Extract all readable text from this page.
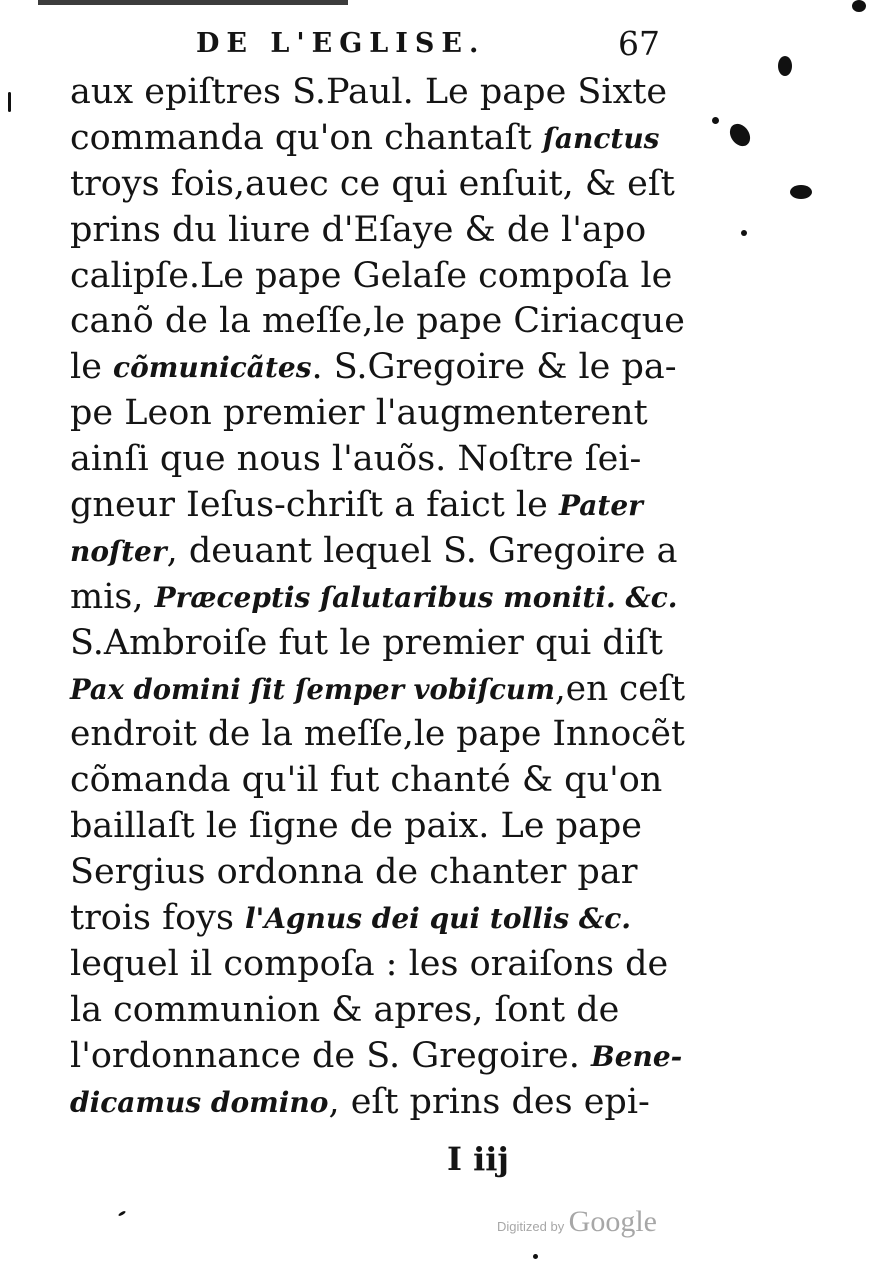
DE L'EGLISE.	67
aux epiſtres S.Paul. Le pape Sixte
commanda qu'on chantaſt ſanctus
troys fois,auec ce qui enſuit, & eſt
prins du liure d'Eſaye & de l'apo
calipſe.Le pape Gelaſe compoſa le
canõ de la meſſe,le pape Ciriacque
le cõmunicãtes . S.Gregoire & le pa-
pe Leon premier l'augmenterent
ainſi que nous l'auõs. Noſtre ſei-
gneur Ieſus-chriſt a faict le Pater
noſter , deuant lequel S. Gregoire a
mis, Præceptis ſalutaribus moniti. &c.
S.Ambroiſe fut le premier qui diſt
Pax domini ſit ſemper vobiſcum ,en ceſt
endroit de la meſſe,le pape Innocẽt
cõmanda qu'il fut chanté & qu'on
baillaſt le ſigne de paix. Le pape
Sergius ordonna de chanter par
trois foys l'Agnus dei qui tollis &c.
lequel il compoſa : les oraiſons de
la communion & apres, ſont de
l'ordonnance de S. Gregoire. Bene-
dicamus domino , eſt prins des epi-
I iij
Digitized by Google
